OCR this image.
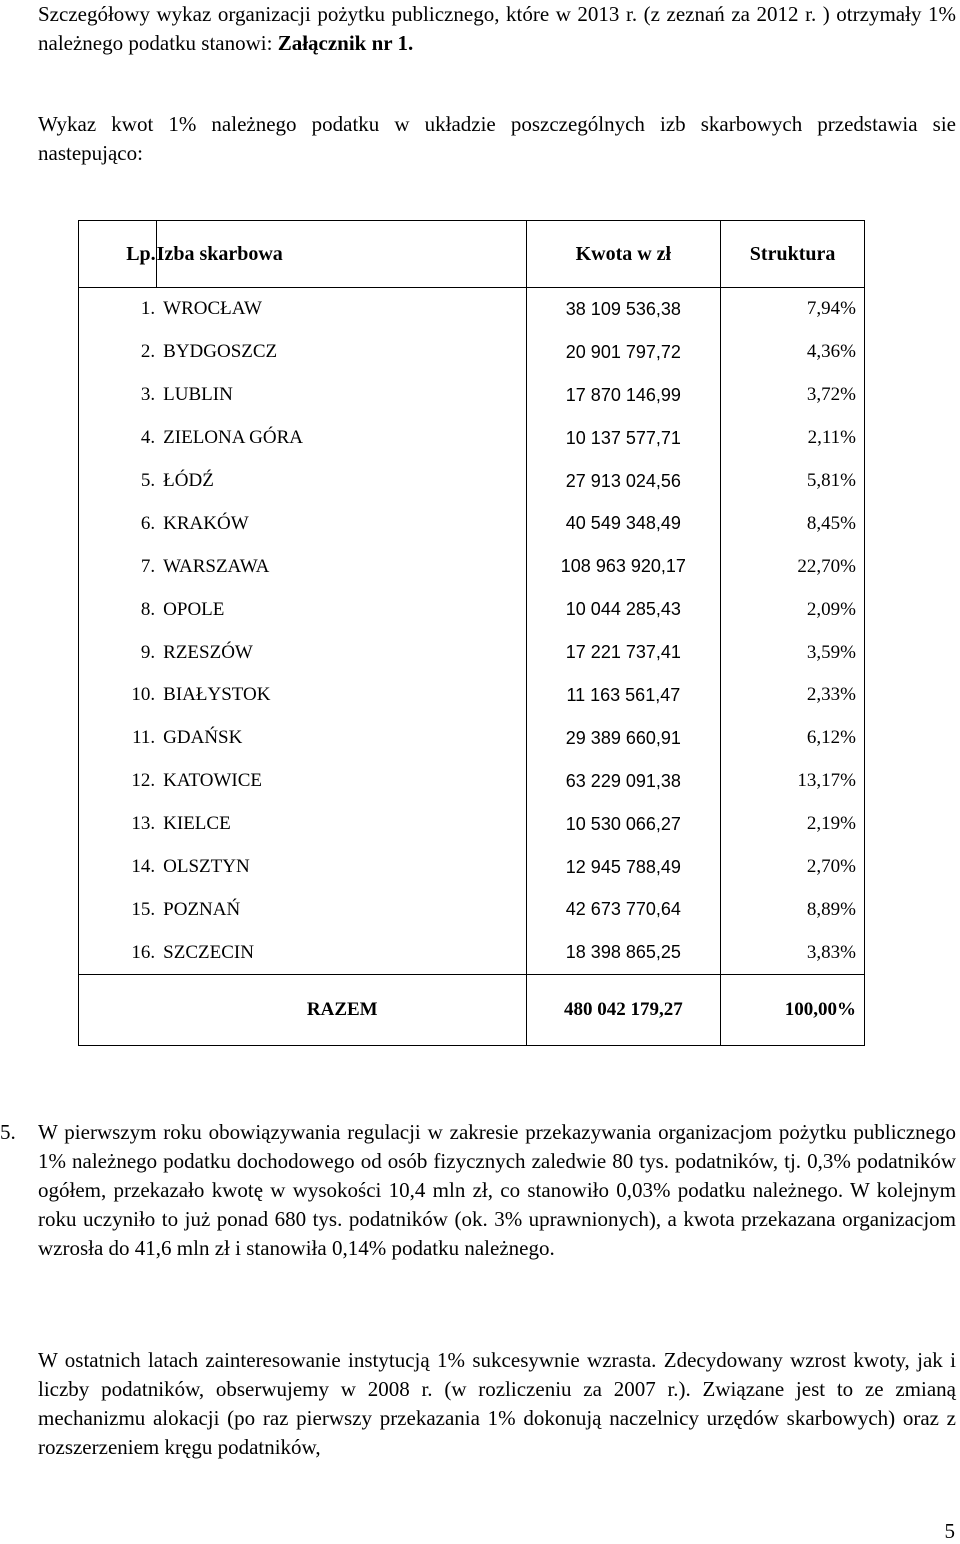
Szczegółowy wykaz organizacji pożytku publicznego, które w 2013 r. (z zeznań za 2012 r. ) otrzymały 1% należnego podatku stanowi: Załącznik nr 1.

Wykaz kwot 1% należnego podatku w układzie poszczególnych izb skarbowych przedstawia sie nastepująco:

Lp.	Izba skarbowa	Kwota w zł	Struktura
1.	WROCŁAW	38 109 536,38	7,94%
2.	BYDGOSZCZ	20 901 797,72	4,36%
3.	LUBLIN	17 870 146,99	3,72%
4.	ZIELONA GÓRA	10 137 577,71	2,11%
5.	ŁÓDŹ	27 913 024,56	5,81%
6.	KRAKÓW	40 549 348,49	8,45%
7.	WARSZAWA	108 963 920,17	22,70%
8.	OPOLE	10 044 285,43	2,09%
9.	RZESZÓW	17 221 737,41	3,59%
10.	BIAŁYSTOK	11 163 561,47	2,33%
11.	GDAŃSK	29 389 660,91	6,12%
12.	KATOWICE	63 229 091,38	13,17%
13.	KIELCE	10 530 066,27	2,19%
14.	OLSZTYN	12 945 788,49	2,70%
15.	POZNAŃ	42 673 770,64	8,89%
16.	SZCZECIN	18 398 865,25	3,83%
RAZEM		480 042 179,27	100,00%

5. W pierwszym roku obowiązywania regulacji w zakresie przekazywania organizacjom pożytku publicznego 1% należnego podatku dochodowego od osób fizycznych zaledwie 80 tys. podatników, tj. 0,3% podatników ogółem, przekazało kwotę w wysokości 10,4 mln zł, co stanowiło 0,03% podatku należnego. W kolejnym roku uczyniło to już ponad 680 tys. podatników (ok. 3% uprawnionych), a kwota przekazana organizacjom wzrosła do 41,6 mln zł i stanowiła 0,14% podatku należnego.

W ostatnich latach zainteresowanie instytucją 1% sukcesywnie wzrasta. Zdecydowany wzrost kwoty, jak i liczby podatników, obserwujemy w 2008 r. (w rozliczeniu za 2007 r.). Związane jest to ze zmianą mechanizmu alokacji (po raz pierwszy przekazania 1% dokonują naczelnicy urzędów skarbowych) oraz z rozszerzeniem kręgu podatników,

5
